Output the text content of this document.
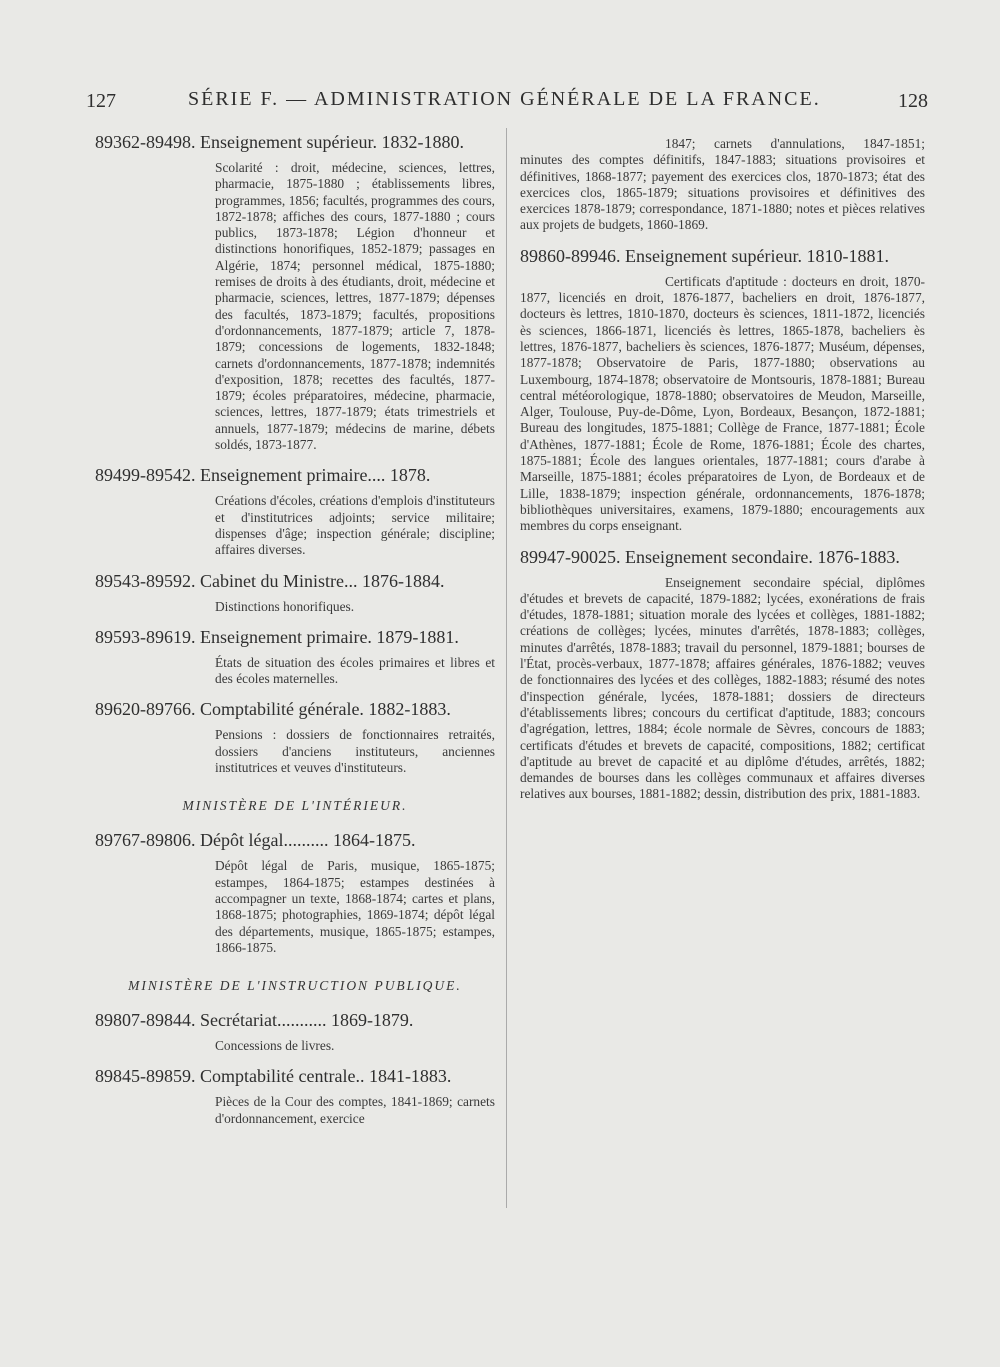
127	SÉRIE F. — ADMINISTRATION GÉNÉRALE DE LA FRANCE.	128

89362-89498. Enseignement supérieur. 1832-1880.

Scolarité : droit, médecine, sciences, lettres, pharmacie, 1875-1880 ; établissements libres, programmes, 1856; facultés, programmes des cours, 1872-1878; affiches des cours, 1877-1880 ; cours publics, 1873-1878; Légion d'honneur et distinctions honorifiques, 1852-1879; passages en Algérie, 1874; personnel médical, 1875-1880; remises de droits à des étudiants, droit, médecine et pharmacie, sciences, lettres, 1877-1879; dépenses des facultés, 1873-1879; facultés, propositions d'ordonnancements, 1877-1879; article 7, 1878-1879; concessions de logements, 1832-1848; carnets d'ordonnancements, 1877-1878; indemnités d'exposition, 1878; recettes des facultés, 1877-1879; écoles préparatoires, médecine, pharmacie, sciences, lettres, 1877-1879; états trimestriels et annuels, 1877-1879; médecins de marine, débets soldés, 1873-1877.

89499-89542. Enseignement primaire.... 1878.

Créations d'écoles, créations d'emplois d'instituteurs et d'institutrices adjoints; service militaire; dispenses d'âge; inspection générale; discipline; affaires diverses.

89543-89592. Cabinet du Ministre... 1876-1884.

Distinctions honorifiques.

89593-89619. Enseignement primaire. 1879-1881.

États de situation des écoles primaires et libres et des écoles maternelles.

89620-89766. Comptabilité générale. 1882-1883.

Pensions : dossiers de fonctionnaires retraités, dossiers d'anciens instituteurs, anciennes institutrices et veuves d'instituteurs.

MINISTÈRE DE L'INTÉRIEUR.

89767-89806. Dépôt légal.......... 1864-1875.

Dépôt légal de Paris, musique, 1865-1875; estampes, 1864-1875; estampes destinées à accompagner un texte, 1868-1874; cartes et plans, 1868-1875; photographies, 1869-1874; dépôt légal des départements, musique, 1865-1875; estampes, 1866-1875.

MINISTÈRE DE L'INSTRUCTION PUBLIQUE.

89807-89844. Secrétariat........... 1869-1879.

Concessions de livres.

89845-89859. Comptabilité centrale.. 1841-1883.

Pièces de la Cour des comptes, 1841-1869; carnets d'ordonnancement, exercice

1847; carnets d'annulations, 1847-1851; minutes des comptes définitifs, 1847-1883; situations provisoires et définitives, 1868-1877; payement des exercices clos, 1870-1873; état des exercices clos, 1865-1879; situations provisoires et définitives des exercices 1878-1879; correspondance, 1871-1880; notes et pièces relatives aux projets de budgets, 1860-1869.

89860-89946. Enseignement supérieur. 1810-1881.

Certificats d'aptitude : docteurs en droit, 1870-1877, licenciés en droit, 1876-1877, bacheliers en droit, 1876-1877, docteurs ès lettres, 1810-1870, docteurs ès sciences, 1811-1872, licenciés ès sciences, 1866-1871, licenciés ès lettres, 1865-1878, bacheliers ès lettres, 1876-1877, bacheliers ès sciences, 1876-1877; Muséum, dépenses, 1877-1878; Observatoire de Paris, 1877-1880; observations au Luxembourg, 1874-1878; observatoire de Montsouris, 1878-1881; Bureau central météorologique, 1878-1880; observatoires de Meudon, Marseille, Alger, Toulouse, Puy-de-Dôme, Lyon, Bordeaux, Besançon, 1872-1881; Bureau des longitudes, 1875-1881; Collège de France, 1877-1881; École d'Athènes, 1877-1881; École de Rome, 1876-1881; École des chartes, 1875-1881; École des langues orientales, 1877-1881; cours d'arabe à Marseille, 1875-1881; écoles préparatoires de Lyon, de Bordeaux et de Lille, 1838-1879; inspection générale, ordonnancements, 1876-1878; bibliothèques universitaires, examens, 1879-1880; encouragements aux membres du corps enseignant.

89947-90025. Enseignement secondaire. 1876-1883.

Enseignement secondaire spécial, diplômes d'études et brevets de capacité, 1879-1882; lycées, exonérations de frais d'études, 1878-1881; situation morale des lycées et collèges, 1881-1882; créations de collèges; lycées, minutes d'arrêtés, 1878-1883; collèges, minutes d'arrêtés, 1878-1883; travail du personnel, 1879-1881; bourses de l'État, procès-verbaux, 1877-1878; affaires générales, 1876-1882; veuves de fonctionnaires des lycées et des collèges, 1882-1883; résumé des notes d'inspection générale, lycées, 1878-1881; dossiers de directeurs d'établissements libres; concours du certificat d'aptitude, 1883; concours d'agrégation, lettres, 1884; école normale de Sèvres, concours de 1883; certificats d'études et brevets de capacité, compositions, 1882; certificat d'aptitude au brevet de capacité et au diplôme d'études, arrêtés, 1882; demandes de bourses dans les collèges communaux et affaires diverses relatives aux bourses, 1881-1882; dessin, distribution des prix, 1881-1883.
